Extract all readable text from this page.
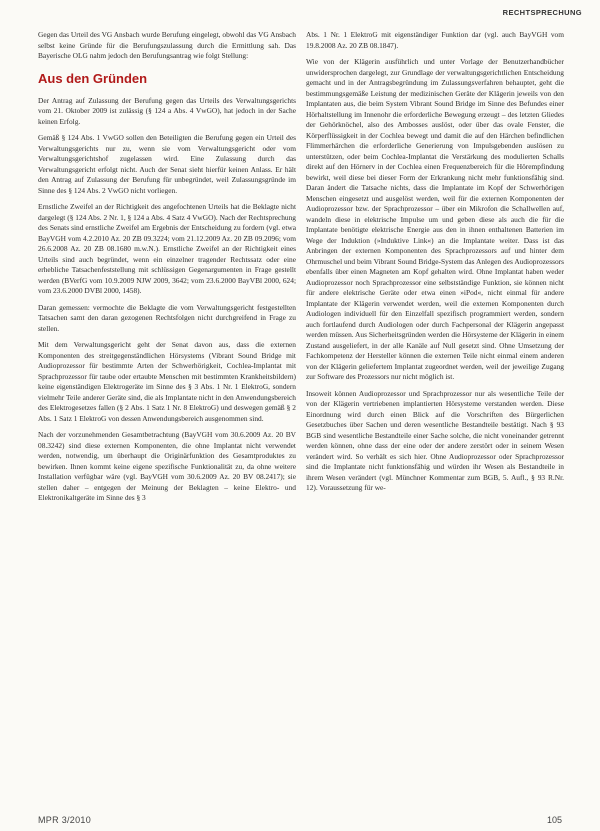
RECHTSPRECHUNG

Gegen das Urteil des VG Ansbach wurde Berufung eingelegt, obwohl das VG Ansbach selbst keine Gründe für die Berufungszulassung durch die Ermittlung sah. Das Bayerische OLG nahm jedoch den Berufungsantrag wie folgt Stellung:

Aus den Gründen

Der Antrag auf Zulassung der Berufung gegen das Urteils des Verwaltungsgerichts vom 21. Oktober 2009 ist zulässig (§ 124 a Abs. 4 VwGO), hat jedoch in der Sache keinen Erfolg.

Gemäß § 124 Abs. 1 VwGO sollen den Beteiligten die Berufung gegen ein Urteil des Verwaltungsgerichts nur zu, wenn sie vom Verwaltungsgericht oder vom Verwaltungsgerichtshof zugelassen wird. Eine Zulassung durch das Verwaltungsgericht erfolgt nicht. Auch der Senat sieht hierfür keinen Anlass. Er hält den Antrag auf Zulassung der Berufung für unbegründet, weil Zulassungsgründe im Sinne des § 124 Abs. 2 VwGO nicht vorliegen.

Ernstliche Zweifel an der Richtigkeit des angefochtenen Urteils hat die Beklagte nicht dargelegt (§ 124 Abs. 2 Nr. 1, § 124 a Abs. 4 Satz 4 VwGO). Nach der Rechtsprechung des Senats sind ernstliche Zweifel am Ergebnis der Entscheidung zu fordern (vgl. etwa BayVGH vom 4.2.2010 Az. 20 ZB 09.3224; vom 21.12.2009 Az. 20 ZB 09.2096; vom 26.6.2008 Az. 20 ZB 08.1680 m.w.N.). Ernstliche Zweifel an der Richtigkeit eines Urteils sind auch begründet, wenn ein einzelner tragender Rechtssatz oder eine erhebliche Tatsachenfeststellung mit schlüssigen Gegenargumenten in Frage gestellt werden (BVerfG vom 10.9.2009 NJW 2009, 3642; vom 23.6.2000 BayVBl 2000, 624; vom 23.6.2000 DVBl 2000, 1458).

Daran gemessen: vermochte die Beklagte die vom Verwaltungsgericht festgestellten Tatsachen samt den daran gezogenen Rechtsfolgen nicht durchgreifend in Frage zu stellen.

Mit dem Verwaltungsgericht geht der Senat davon aus, dass die externen Komponenten des streitgegenständlichen Hörsystems (Vibrant Sound Bridge mit Audioprozessor für bestimmte Arten der Schwerhörigkeit, Cochlea-Implantat mit Sprachprozessor für taube oder ertaubte Menschen mit bestimmten Krankheitsbildern) keine eigenständigen Elektrogeräte im Sinne des § 3 Abs. 1 Nr. 1 ElektroG, sondern vielmehr Teile anderer Geräte sind, die als Implantate nicht in den Anwendungsbereich des Elektrogesetzes fallen (§ 2 Abs. 1 Satz 1 Nr. 8 ElektroG) und deswegen gemäß § 2 Abs. 1 Satz 1 ElektroG von dessen Anwendungsbereich ausgenommen sind.

Nach der vorzunehmenden Gesamtbetrachtung (BayVGH vom 30.6.2009 Az. 20 BV 08.3242) sind diese externen Komponenten, die ohne Implantat nicht verwendet werden, notwendig, um überhaupt die Originärfunktion des Gesamtproduktes zu bewirken. Ihnen kommt keine eigene spezifische Funktionalität zu, da ohne weitere Installation verfügbar wäre (vgl. BayVGH vom 30.6.2009 Az. 20 BV 08.2417); sie stellen daher – entgegen der Meinung der Beklagten – keine Elektro- und Elektronikaltgeräte im Sinne des § 3

Abs. 1 Nr. 1 ElektroG mit eigenständiger Funktion dar (vgl. auch BayVGH vom 19.8.2008 Az. 20 ZB 08.1847).

Wie von der Klägerin ausführlich und unter Vorlage der Benutzerhandbücher unwidersprochen dargelegt, zur Grundlage der verwaltungsgerichtlichen Entscheidung gemacht und in der Antragsbegründung im Zulassungsverfahren behauptet, geht die bestimmungsgemäße Leistung der medizinischen Geräte der Klägerin jeweils von den Implantaten aus, die beim System Vibrant Sound Bridge im Sinne des Befundes einer Hörhaltstellung im Innenohr die erforderliche Bewegung erzeugt – des letzten Gliedes der Gehörknöchel, also des Ambosses auslöst, oder über das ovale Fenster, die Körperflüssigkeit in der Cochlea bewegt und damit die auf den Härchen befindlichen Flimmerhärchen die erforderliche Generierung von Impulsgebenden auslösen zu unterstützen, oder beim Cochlea-Implantat die Verstärkung des modulierten Schalls direkt auf den Hörnerv in der Cochlea einen Frequenzbereich für die Hörempfindung bewirkt, weil diese bei dieser Form der Erkrankung nicht mehr funktionsfähig sind. Daran ändert die Tatsache nichts, dass die Implantate im Kopf der Schwerhörigen Menschen eingesetzt und ausgelöst werden, weil für die externen Komponenten der Audioprozessor bzw. der Sprachprozessor – über ein Mikrofon die Schallwellen auf, wandeln diese in elektrische Impulse um und geben diese als auch die für die Implantate benötigte elektrische Energie aus den in ihnen enthaltenen Batterien im Wege der Induktion (»Induktive Link«) an die Implantate weiter. Dass ist das Anbringen der externen Komponenten des Sprachprozessors auf und hinter dem Ohrmuschel und beim Vibrant Sound Bridge-System das Anlegen des Audioprozessors ebenfalls über einen Magneten am Kopf gehalten wird. Ohne Implantat haben weder Audioprozessor noch Sprachprozessor eine selbstständige Funktion, sie können nicht für andere elektrische Geräte oder etwa einen »iPod«, nicht einmal für andere Implantate der Klägerin verwendet werden, weil die externen Komponenten durch Audiologen individuell für den Einzelfall spezifisch programmiert werden, sondern auch fortlaufend durch Audiologen oder durch Fachpersonal der Klägerin angepasst werden müssen. Aus Sicherheitsgründen werden die Hörsysteme der Klägerin in einem Zustand ausgeliefert, in der alle Kanäle auf Null gesetzt sind. Ohne Umsetzung der Fachkompetenz der Hersteller können die externen Teile nicht einmal einem anderen von der Klägerin geliefertem Implantat zugeordnet werden, weil der jeweilige Zugang zur Software des Prozessors nur nicht möglich ist.

Insoweit können Audioprozessor und Sprachprozessor nur als wesentliche Teile der von der Klägerin vertriebenen implantierten Hörsysteme verstanden werden. Diese Einordnung wird durch einen Blick auf die Vorschriften des Bürgerlichen Gesetzbuches über Sachen und deren wesentliche Bestandteile bestätigt. Nach § 93 BGB sind wesentliche Bestandteile einer Sache solche, die nicht voneinander getrennt werden können, ohne dass der eine oder der andere zerstört oder in seinem Wesen verändert wird. So verhält es sich hier. Ohne Audioprozessor oder Sprachprozessor sind die Implantate nicht funktionsfähig und würden ihr Wesen als Bestandteile in ihrem Wesen verändert (vgl. Münchner Kommentar zum BGB, 5. Aufl., § 93 R.Nr. 12). Voraussetzung für we-

MPR 3/2010	105
